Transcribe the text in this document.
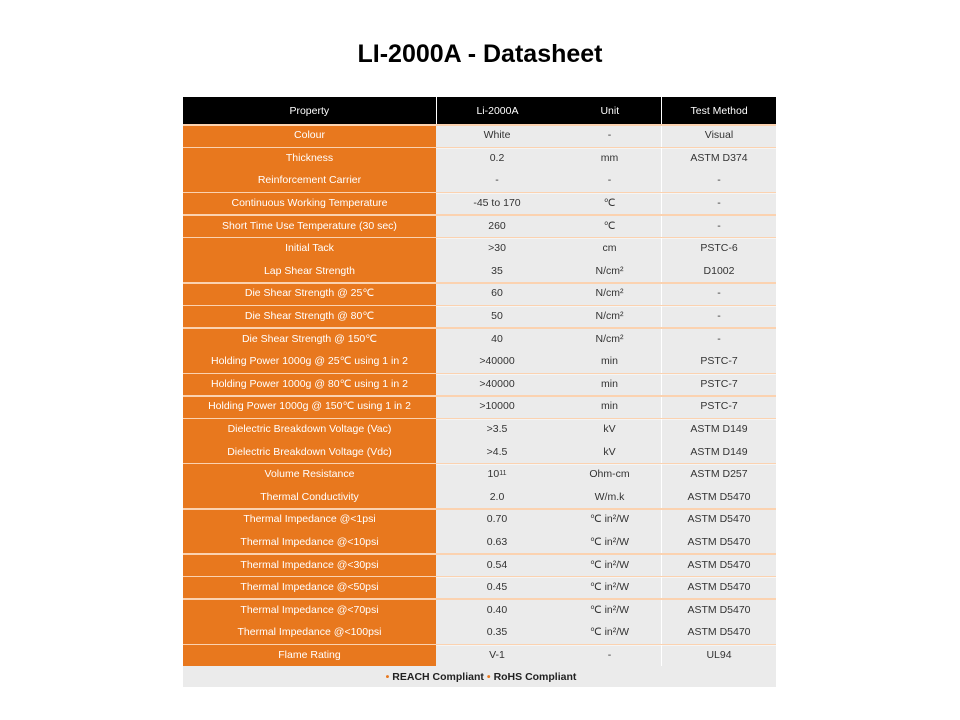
LI-2000A - Datasheet
Property	Li-2000A	Unit	Test Method
Colour	White	-	Visual
Thickness	0.2	mm	ASTM D374
Reinforcement Carrier	-	-	-
Continuous Working Temperature	-45 to 170	℃	-
Short Time Use Temperature (30 sec)	260	℃	-
Initial Tack	>30	cm	PSTC-6
Lap Shear Strength	35	N/cm²	D1002
Die Shear Strength @ 25℃	60	N/cm²	-
Die Shear Strength @ 80℃	50	N/cm²	-
Die Shear Strength @ 150℃	40	N/cm²	-
Holding Power 1000g @ 25℃ using 1 in 2	>40000	min	PSTC-7
Holding Power 1000g @ 80℃ using 1 in 2	>40000	min	PSTC-7
Holding Power 1000g @ 150℃ using 1 in 2	>10000	min	PSTC-7
Dielectric Breakdown Voltage (Vac)	>3.5	kV	ASTM D149
Dielectric Breakdown Voltage (Vdc)	>4.5	kV	ASTM D149
Volume Resistance	10 11	Ohm-cm	ASTM D257
Thermal Conductivity	2.0	W/m.k	ASTM D5470
Thermal Impedance @<1psi	0.70	℃ in²/W	ASTM D5470
Thermal Impedance @<10psi	0.63	℃ in²/W	ASTM D5470
Thermal Impedance @<30psi	0.54	℃ in²/W	ASTM D5470
Thermal Impedance @<50psi	0.45	℃ in²/W	ASTM D5470
Thermal Impedance @<70psi	0.40	℃ in²/W	ASTM D5470
Thermal Impedance @<100psi	0.35	℃ in²/W	ASTM D5470
Flame Rating	V-1	-	UL94
• REACH Compliant • RoHS Compliant
